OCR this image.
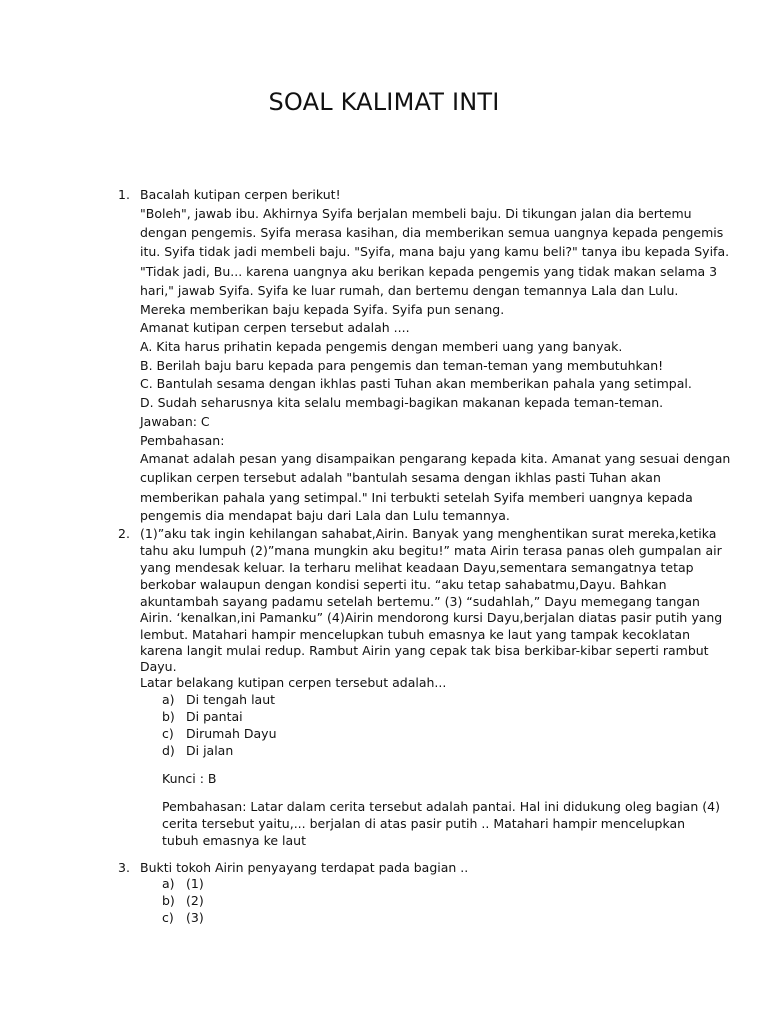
SOAL KALIMAT INTI
1. Bacalah kutipan cerpen berikut!
"Boleh", jawab ibu. Akhirnya Syifa berjalan membeli baju. Di tikungan jalan dia bertemu
dengan pengemis. Syifa merasa kasihan, dia memberikan semua uangnya kepada pengemis
itu. Syifa tidak jadi membeli baju. "Syifa, mana baju yang kamu beli?" tanya ibu kepada Syifa.
"Tidak jadi, Bu... karena uangnya aku berikan kepada pengemis yang tidak makan selama 3
hari," jawab Syifa. Syifa ke luar rumah, dan bertemu dengan temannya Lala dan Lulu.
Mereka memberikan baju kepada Syifa. Syifa pun senang.
Amanat kutipan cerpen tersebut adalah ....
A. Kita harus prihatin kepada pengemis dengan memberi uang yang banyak.
B. Berilah baju baru kepada para pengemis dan teman-teman yang membutuhkan!
C. Bantulah sesama dengan ikhlas pasti Tuhan akan memberikan pahala yang setimpal.
D. Sudah seharusnya kita selalu membagi-bagikan makanan kepada teman-teman.
Jawaban: C
Pembahasan:
Amanat adalah pesan yang disampaikan pengarang kepada kita. Amanat yang sesuai dengan
cuplikan cerpen tersebut adalah "bantulah sesama dengan ikhlas pasti Tuhan akan
memberikan pahala yang setimpal." Ini terbukti setelah Syifa memberi uangnya kepada
pengemis dia mendapat baju dari Lala dan Lulu temannya.
2. (1)”aku tak ingin kehilangan sahabat,Airin. Banyak yang menghentikan surat mereka,ketika
tahu aku lumpuh (2)”mana mungkin aku begitu!” mata Airin terasa panas oleh gumpalan air
yang mendesak keluar. Ia terharu melihat keadaan Dayu,sementara semangatnya tetap
berkobar walaupun dengan kondisi seperti itu. “aku tetap sahabatmu,Dayu. Bahkan
akuntambah sayang padamu setelah bertemu.” (3) “sudahlah,” Dayu memegang tangan
Airin. ‘kenalkan,ini Pamanku” (4)Airin mendorong kursi Dayu,berjalan diatas pasir putih yang
lembut. Matahari hampir mencelupkan tubuh emasnya ke laut yang tampak kecoklatan
karena langit mulai redup. Rambut Airin yang cepak tak bisa berkibar-kibar seperti rambut
Dayu.
Latar belakang kutipan cerpen tersebut adalah...
a) Di tengah laut
b) Di pantai
c) Dirumah Dayu
d) Di jalan
Kunci : B
Pembahasan: Latar dalam cerita tersebut adalah pantai. Hal ini didukung oleg bagian (4)
cerita tersebut yaitu,... berjalan di atas pasir putih .. Matahari hampir mencelupkan
tubuh emasnya ke laut
3. Bukti tokoh Airin penyayang terdapat pada bagian ..
a) (1)
b) (2)
c) (3)
